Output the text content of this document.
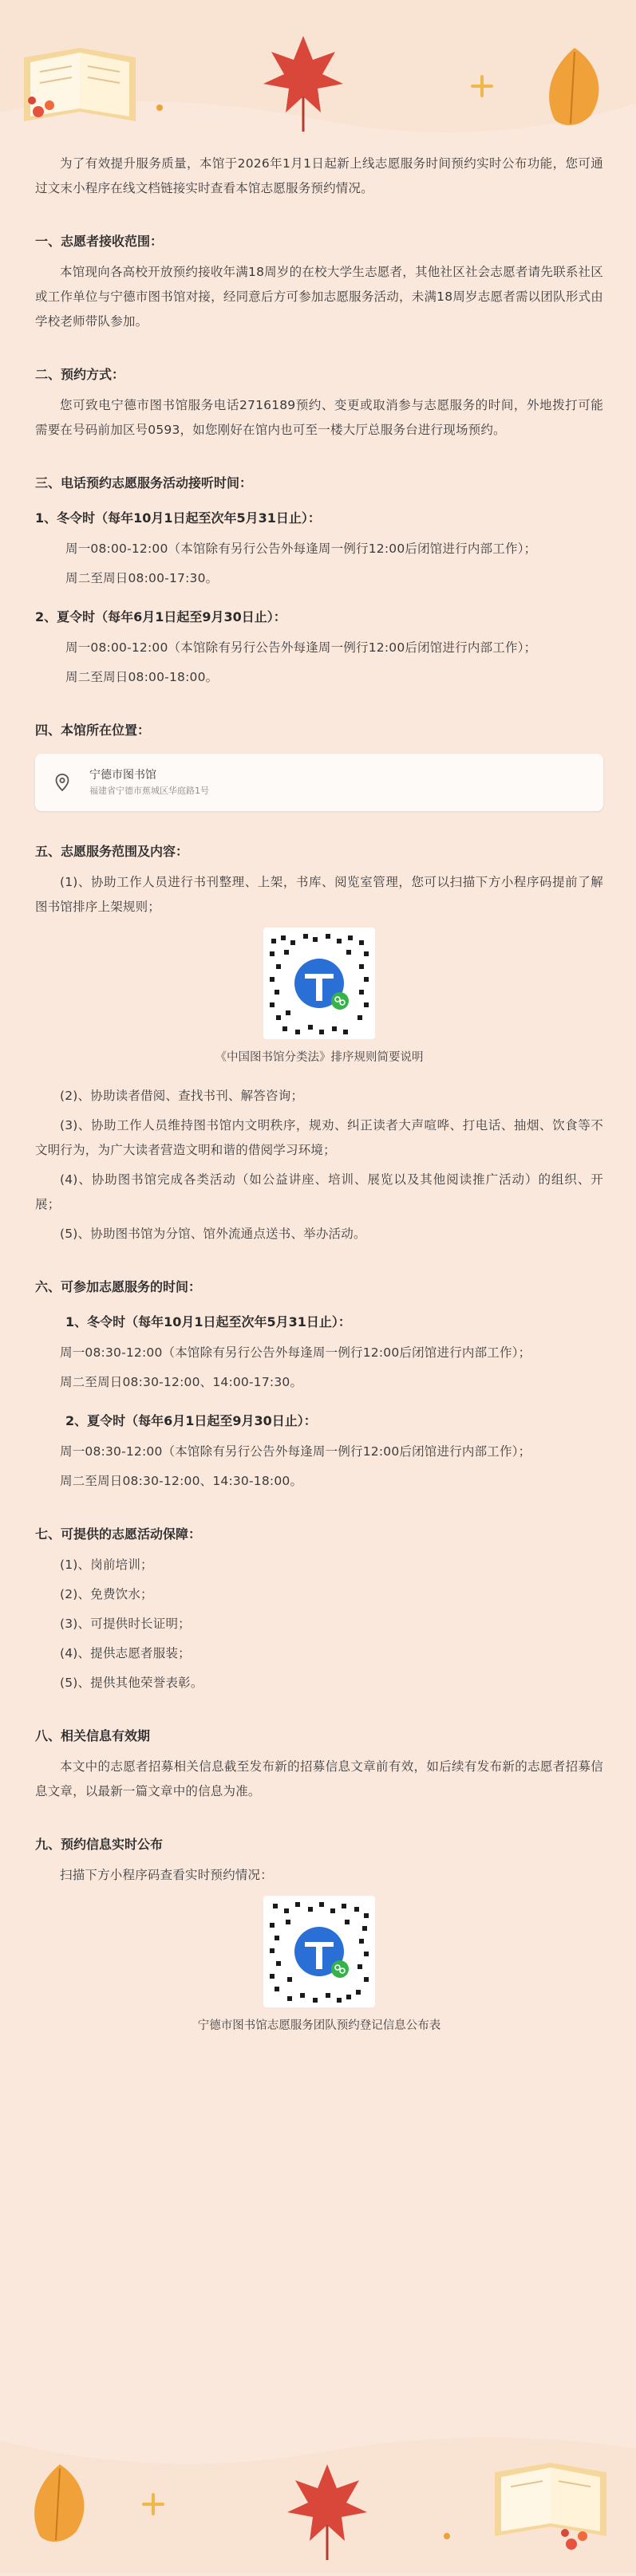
为了有效提升服务质量，本馆于2026年1月1日起新上线志愿服务时间预约实时公布功能，您可通过文末小程序在线文档链接实时查看本馆志愿服务预约情况。

一、志愿者接收范围：

本馆现向各高校开放预约接收年满18周岁的在校大学生志愿者，其他社区社会志愿者请先联系社区或工作单位与宁德市图书馆对接，经同意后方可参加志愿服务活动，未满18周岁志愿者需以团队形式由学校老师带队参加。

二、预约方式：

您可致电宁德市图书馆服务电话2716189预约、变更或取消参与志愿服务的时间，外地拨打可能需要在号码前加区号0593，如您刚好在馆内也可至一楼大厅总服务台进行现场预约。

三、电话预约志愿服务活动接听时间：
1、冬令时（每年10月1日起至次年5月31日止）：

周一08:00-12:00（本馆除有另行公告外每逢周一例行12:00后闭馆进行内部工作）；

周二至周日08:00-17:30。

2、夏令时（每年6月1日起至9月30日止）：

周一08:00-12:00（本馆除有另行公告外每逢周一例行12:00后闭馆进行内部工作）；

周二至周日08:00-18:00。

四、本馆所在位置：
宁德市图书馆
福建省宁德市蕉城区华庭路1号
五、志愿服务范围及内容：

(1)、协助工作人员进行书刊整理、上架，书库、阅览室管理，您可以扫描下方小程序码提前了解图书馆排序上架规则；

《中国图书馆分类法》排序规则简要说明

(2)、协助读者借阅、查找书刊、解答咨询；

(3)、协助工作人员维持图书馆内文明秩序，规劝、纠正读者大声喧哗、打电话、抽烟、饮食等不文明行为，为广大读者营造文明和谐的借阅学习环境；

(4)、协助图书馆完成各类活动（如公益讲座、培训、展览以及其他阅读推广活动）的组织、开展；

(5)、协助图书馆为分馆、馆外流通点送书、举办活动。

六、可参加志愿服务的时间：
1、冬令时（每年10月1日起至次年5月31日止）：

周一08:30-12:00（本馆除有另行公告外每逢周一例行12:00后闭馆进行内部工作）；

周二至周日08:30-12:00、14:00-17:30。

2、夏令时（每年6月1日起至9月30日止）：

周一08:30-12:00（本馆除有另行公告外每逢周一例行12:00后闭馆进行内部工作）；

周二至周日08:30-12:00、14:30-18:00。

七、可提供的志愿活动保障：

(1)、岗前培训；

(2)、免费饮水；

(3)、可提供时长证明；

(4)、提供志愿者服装；

(5)、提供其他荣誉表彰。

八、相关信息有效期

本文中的志愿者招募相关信息截至发布新的招募信息文章前有效，如后续有发布新的志愿者招募信息文章，以最新一篇文章中的信息为准。

九、预约信息实时公布

扫描下方小程序码查看实时预约情况：

宁德市图书馆志愿服务团队预约登记信息公布表
